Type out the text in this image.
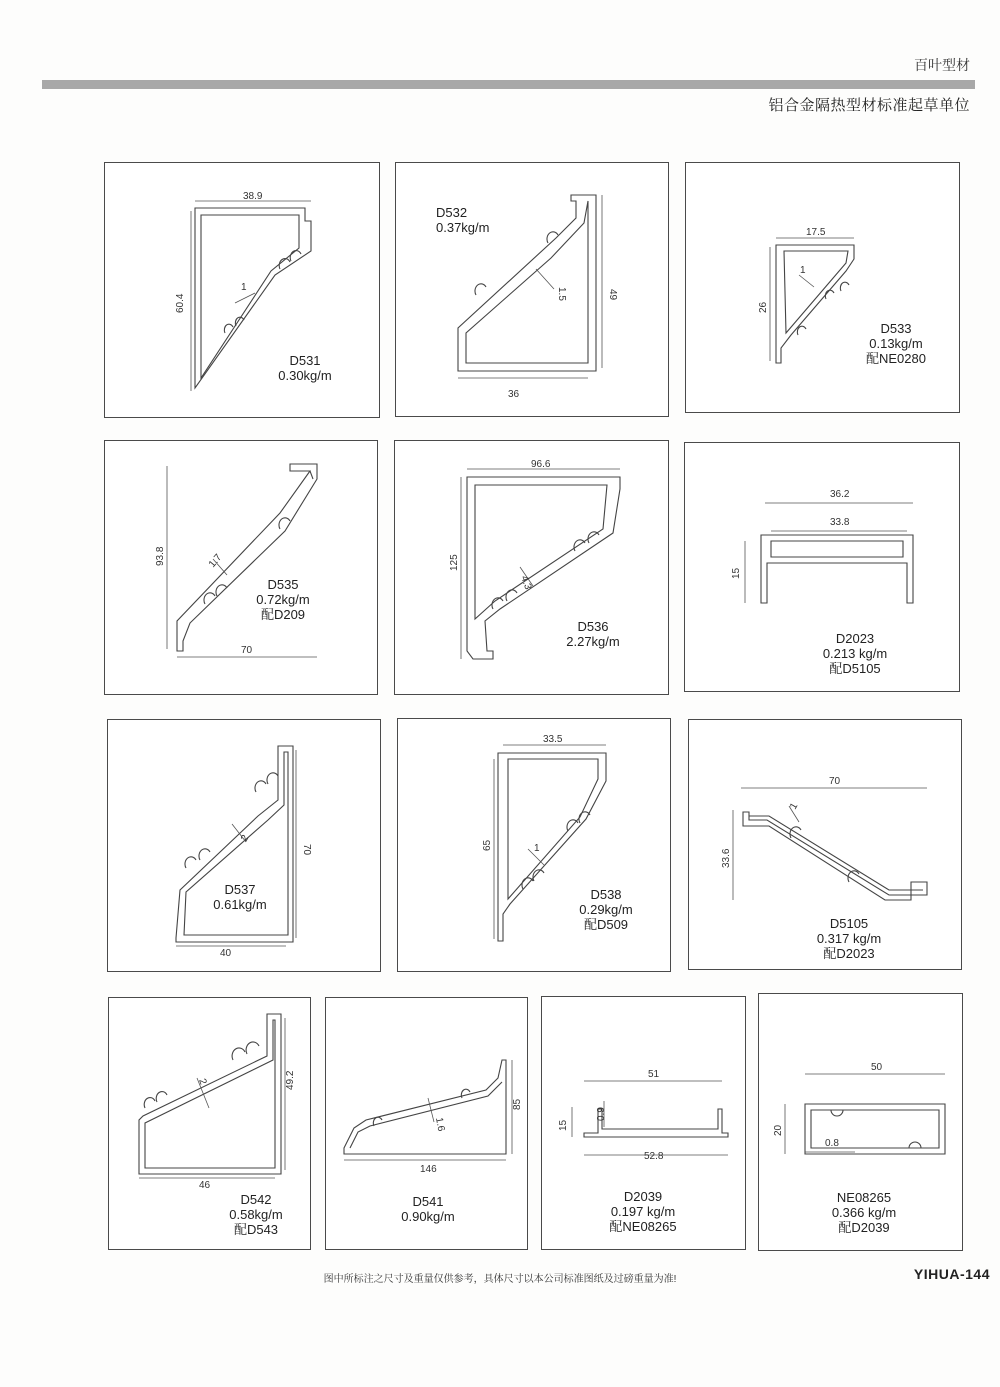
百叶型材
铝合金隔热型材标准起草单位
38.9
60.4
1
D531
0.30kg/m
49
36
1.5
D532
0.37kg/m	17.5
26
1
D533
0.13kg/m
配NE0280
93.8
70
1.7
D535
0.72kg/m
配D209
96.6
125
4.3
D536
2.27kg/m
36.2
33.8
15
D2023
0.213 kg/m
配D5105
70
40
2
D537
0.61kg/m
33.5
65	1
D538
0.29kg/m
配D509
70
33.6
1
D5105
0.317 kg/m
配D2023
49.2
46
2
D542
0.58kg/m
配D543
85
146
1.6
D541
0.90kg/m
51
15
0.9
52.8
D2039
0.197 kg/m
配NE08265
50
20
0.8
NE08265
0.366 kg/m
配D2039
图中所标注之尺寸及重量仅供参考，具体尺寸以本公司标准图纸及过磅重量为准!	YIHUA-144
